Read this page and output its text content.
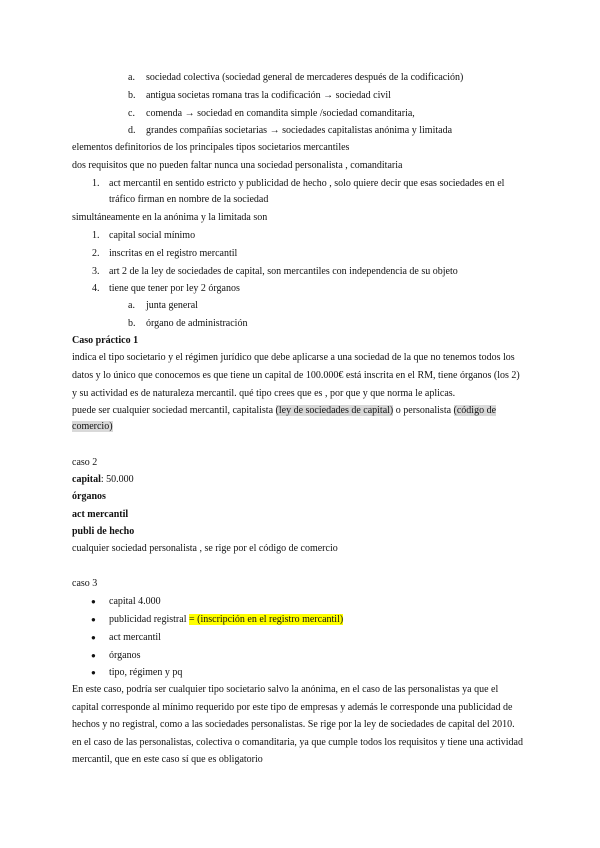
a. sociedad colectiva (sociedad general de mercaderes después de la codificación)
b. antigua societas romana tras la codificación → sociedad civil
c. comenda → sociedad en comandita simple /sociedad comanditaria,
d. grandes compañías societarias → sociedades capitalistas anónima y limitada
elementos definitorios de los principales tipos societarios mercantiles
dos requisitos que no pueden faltar nunca una sociedad personalista , comanditaria
1. act mercantil en sentido estricto y publicidad de hecho , solo quiere decir que esas sociedades en el
tráfico firman en nombre de la sociedad
simultáneamente en la anónima y la limitada son
1. capital social mínimo
2. inscritas en el registro mercantil
3. art 2 de la ley de sociedades de capital, son mercantiles con independencia de su objeto
4. tiene que tener por ley 2 órganos
a. junta general
b. órgano de administración
Caso práctico 1
indica el tipo societario y el régimen jurídico que debe aplicarse a una sociedad de la que no tenemos todos los
datos y lo único que conocemos es que tiene un capital de 100.000€ está inscrita en el RM, tiene órganos (los 2)
y su actividad es de naturaleza mercantil. qué tipo crees que es , por que y que norma le aplicas.
puede ser cualquier sociedad mercantil, capitalista (ley de sociedades de capital) o personalista (código de
comercio)
caso 2
capital: 50.000
órganos
act mercantil
publi de hecho
cualquier sociedad personalista , se rige por el código de comercio
caso 3
● capital 4.000
● publicidad registral = (inscripción en el registro mercantil)
● act mercantil
● órganos
● tipo, régimen y pq
En este caso, podría ser cualquier tipo societario salvo la anónima, en el caso de las personalistas ya que el
capital corresponde al mínimo requerido por este tipo de empresas y además le corresponde una publicidad de
hechos y no registral, como a las sociedades personalistas. Se rige por la ley de sociedades de capital del 2010.
en el caso de las personalistas, colectiva o comanditaria, ya que cumple todos los requisitos y tiene una actividad
mercantil, que en este caso sí que es obligatorio
